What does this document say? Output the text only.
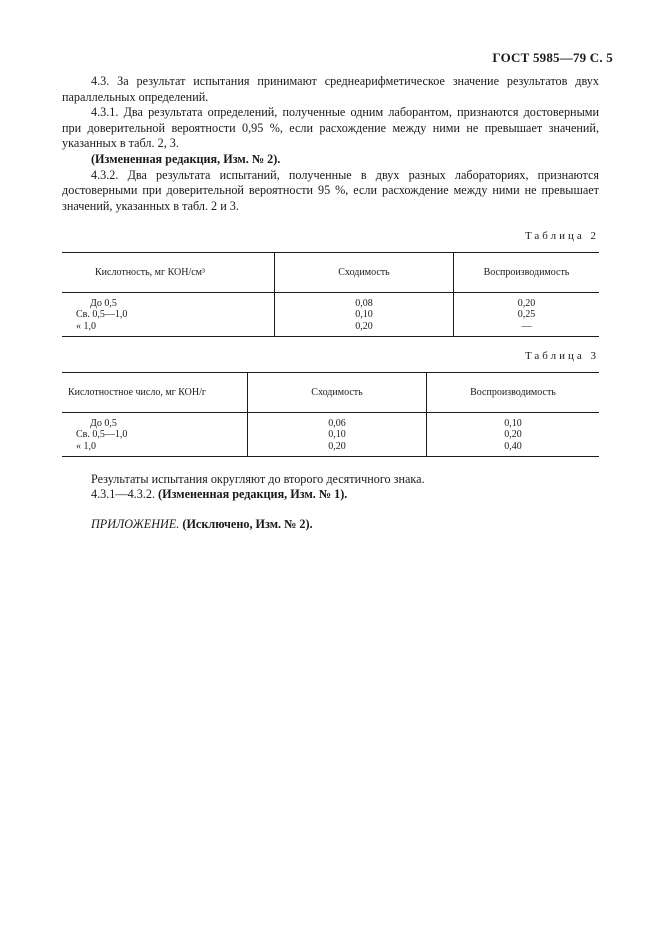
ГОСТ 5985—79 С. 5

4.3. За результат испытания принимают среднеарифметическое значение результатов двух параллельных определений.

4.3.1. Два результата определений, полученные одним лаборантом, признаются достоверными при доверительной вероятности 0,95 %, если расхождение между ними не превышает значений, указанных в табл. 2, 3.

(Измененная редакция, Изм. № 2).

4.3.2. Два результата испытаний, полученные в двух разных лабораториях, признаются достоверными при доверительной вероятности 95 %, если расхождение между ними не превышает значений, указанных в табл. 2 и 3.

Таблица 2
Кислотность, мг КОН/см³	Сходимость	Воспроизводимость
До 0,5	0,08	0,20
Св. 0,5—1,0	0,10	0,25
« 1,0	0,20	—
Таблица 3
Кислотностное число, мг КОН/г	Сходимость	Воспроизводимость
До 0,5	0,06	0,10
Св. 0,5—1,0	0,10	0,20
« 1,0	0,20	0,40

Результаты испытания округляют до второго десятичного знака.

4.3.1—4.3.2. (Измененная редакция, Изм. № 1).

ПРИЛОЖЕНИЕ. (Исключено, Изм. № 2).
